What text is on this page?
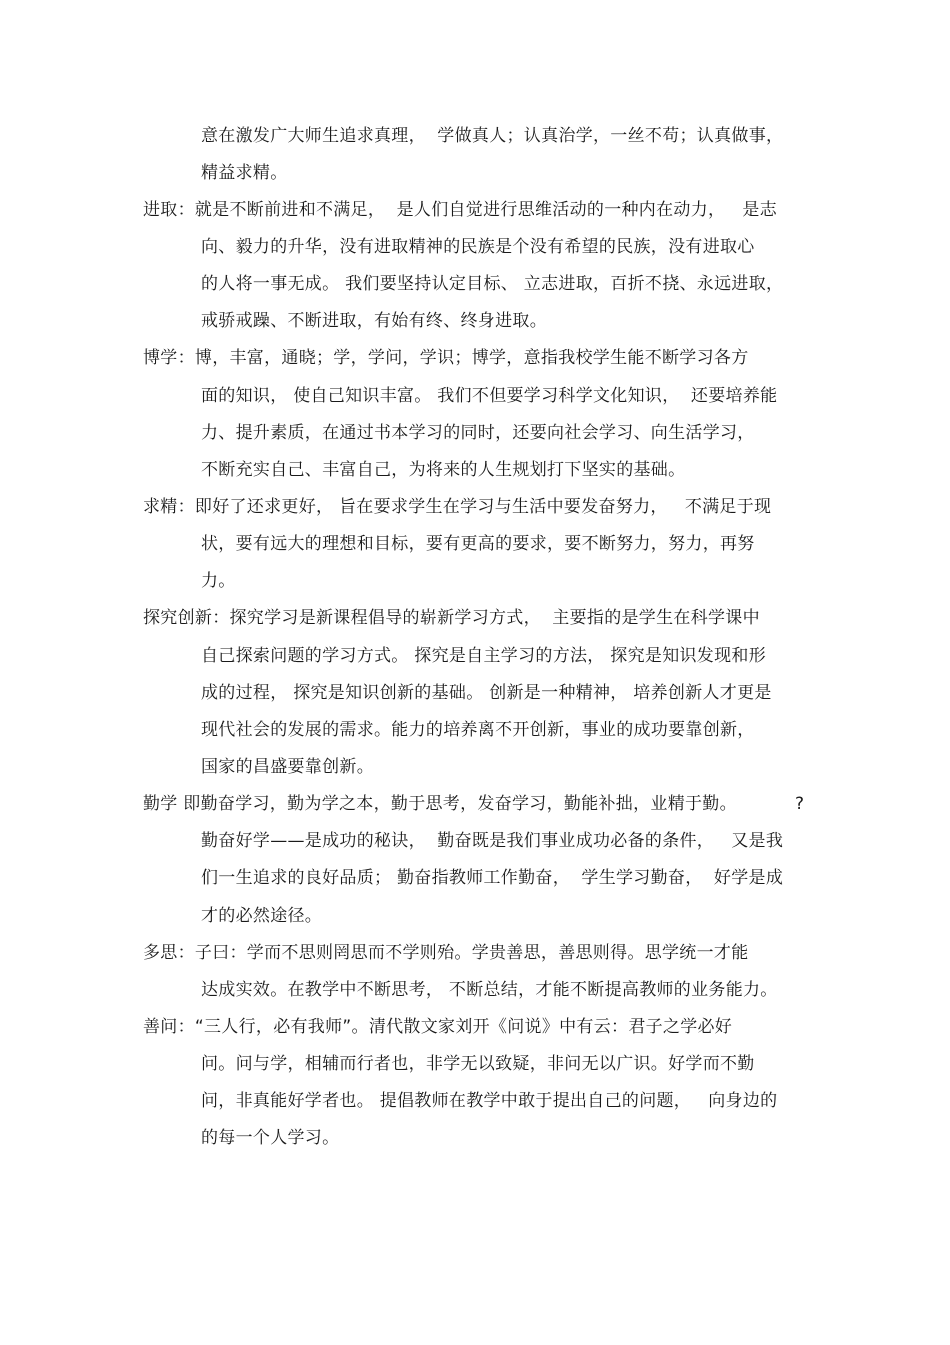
意在激发广大师生追求真理，  学做真人；认真治学，一丝不苟；认真做事，
精益求精。
进取：就是不断前进和不满足，  是人们自觉进行思维活动的一种内在动力，   是志
向、毅力的升华，没有进取精神的民族是个没有希望的民族，没有进取心
的人将一事无成。 我们要坚持认定目标、 立志进取，百折不挠、永远进取，
戒骄戒躁、不断进取，有始有终、终身进取。
博学：博，丰富，通晓；学，学问，学识；博学，意指我校学生能不断学习各方
面的知识， 使自己知识丰富。 我们不但要学习科学文化知识，  还要培养能
力、提升素质，在通过书本学习的同时，还要向社会学习、向生活学习，
不断充实自己、丰富自己，为将来的人生规划打下坚实的基础。
求精：即好了还求更好， 旨在要求学生在学习与生活中要发奋努力，   不满足于现
状，要有远大的理想和目标，要有更高的要求，要不断努力，努力，再努
力。
探究创新：探究学习是新课程倡导的崭新学习方式，  主要指的是学生在科学课中
自己探索问题的学习方式。 探究是自主学习的方法， 探究是知识发现和形
成的过程， 探究是知识创新的基础。 创新是一种精神， 培养创新人才更是
现代社会的发展的需求。能力的培养离不开创新，事业的成功要靠创新，
国家的昌盛要靠创新。
勤学 即勤奋学习，勤为学之本，勤于思考，发奋学习，勤能补拙，业精于勤。	?
勤奋好学——是成功的秘诀，  勤奋既是我们事业成功必备的条件，   又是我
们一生追求的良好品质； 勤奋指教师工作勤奋，  学生学习勤奋，  好学是成
才的必然途径。
多思：子曰：学而不思则罔思而不学则殆。学贵善思，善思则得。思学统一才能
达成实效。在教学中不断思考， 不断总结，才能不断提高教师的业务能力。
善问：“三人行，必有我师”。清代散文家刘开《问说》中有云：君子之学必好
问。问与学，相辅而行者也，非学无以致疑，非问无以广识。好学而不勤
问，非真能好学者也。 提倡教师在教学中敢于提出自己的问题，   向身边的
的每一个人学习。
